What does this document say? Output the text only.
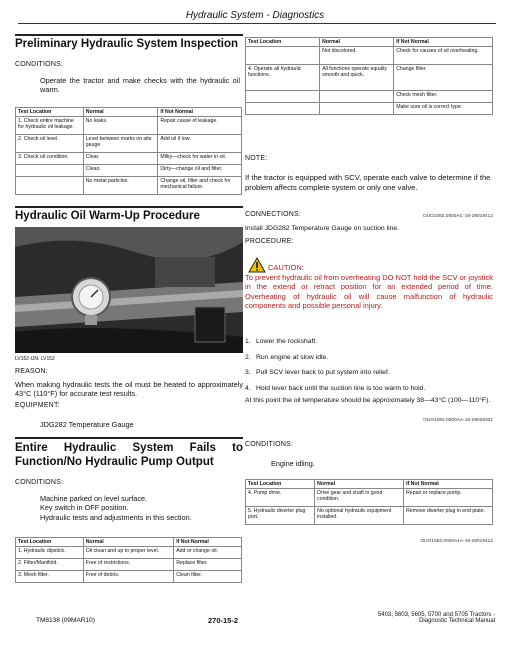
Hydraulic System - Diagnostics
Preliminary Hydraulic System Inspection
CONDITIONS:
Operate the tractor and make checks with the hydraulic oil warm.
Test Location	Normal	If Not Normal
1. Check entire machine for hydraulic oil leakage.	No leaks.	Repair cause of leakage.
2. Check oil level.	Level between marks on site gauge	Add oil if low.
3. Check oil condition.	Clear.	Milky—check for water in oil.
	Clean.	Dirty—change oil and filter.
	No metal particles.	Change oil, filter and check for mechanical failure.
Test Location	Normal	If Not Normal
	Not discolored.	Check for causes of oil overheating.
4. Operate all hydraulic functions.	All functions operate equally smooth and quick.	Change filter.
		Check mesh filter.
		Make sure oil is correct type.
NOTE:
If the tractor is equipped with SCV, operate each valve to determine if the problem affects complete system or only one valve.
OUO1082,0000AC-19-29019412
Hydraulic Oil Warm-Up Procedure
LV152-UN: LV152
REASON:
When making hydraulic tests the oil must be heated to approximately 43°C (110°F) for accurate test results.
EQUIPMENT:
JDG282 Temperature Gauge
CONNECTIONS:
Install JDG282 Temperature Gauge on suction line.
PROCEDURE:
CAUTION:
To prevent hydraulic oil from overheating DO NOT hold the SCV or joystick in the extend or retract position for an extended period of time. Overheating of hydraulic oil will cause malfunction of hydraulic components and possible personal injury.
1. Lower the rockshaft.
2. Run engine at slow idle.
3. Pull SCV lever back to put system into relief.
4. Hold lever back until the suction line is too warm to hold.
At this point the oil temperature should be approximately 38—43°C (100—110°F).
OUO1082,0000AA-19-29028301
Entire Hydraulic System Fails to Function/No Hydraulic Pump Output
CONDITIONS:
Machine parked on level surface.
Key switch in OFF position.
Hydraulic tests and adjustments in this section.
Test Location	Normal	If Not Normal
1. Hydraulic dipstick.	Oil clean and up to proper level.	Add or change oil.
2. Filter/Manifold.	Free of restrictions.	Replace filter.
3. Mesh filter.	Free of debris.	Clean filter.
CONDITIONS:
Engine idling.
Test Location	Normal	If Not Normal
4. Pump drive.	Drive gear and shaft in good condition.	Repair or replace pump.
5. Hydraulic diverter plug port.	No optional hydraulic equipment installed.	Remove diverter plug in end plate.
OUO1082,0000A1A-19-28019412
TM8138 (09MAR10)	270-15-2
5403, 5603, 5605, 5700 and 5705 Tractors -
Diagnostic Technical Manual
